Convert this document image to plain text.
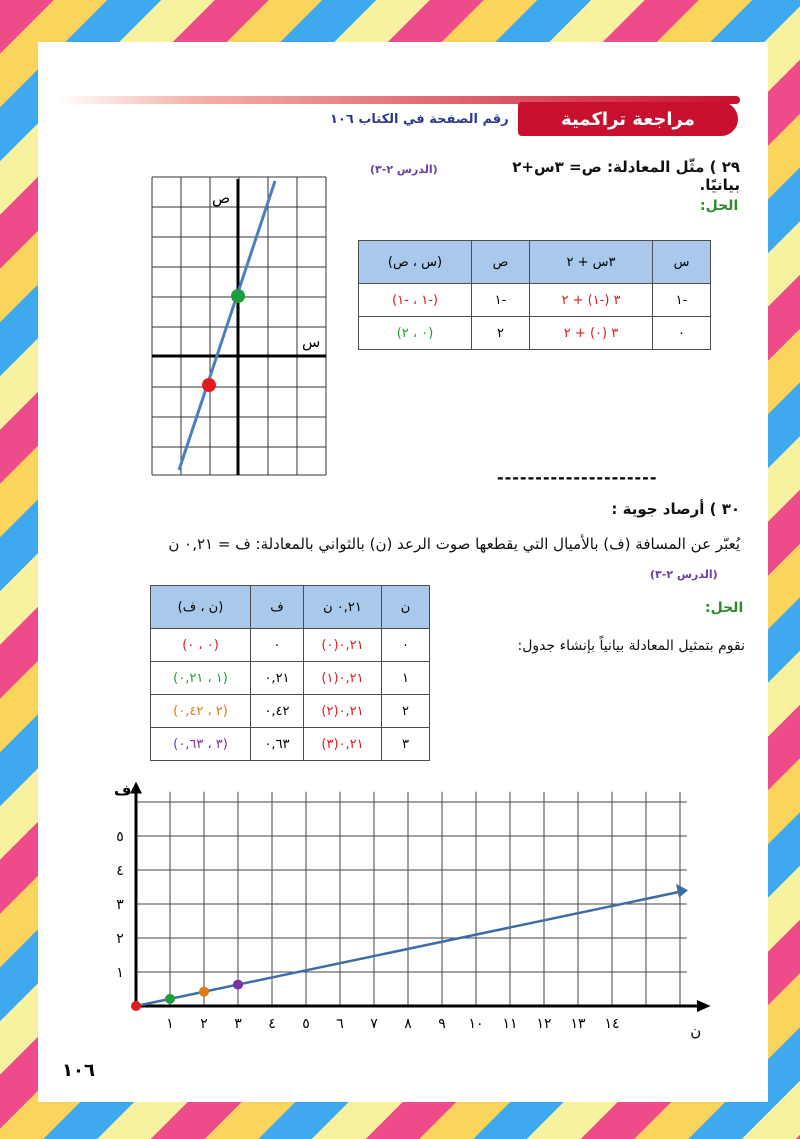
مراجعة تراكمية
رقم الصفحة في الكتاب ١٠٦
٢٩ ) مثّل المعادلة: ص= ٣س+٢ بيانيًا.
(الدرس ٢-٣)
الحل:
س	٣س + ٢	ص	(س ، ص)
-١	٣ (-١) + ٢	-١	(-١ ، -١)
٠	٣ (٠) + ٢	٢	(٠ ، ٢)
ص
س
---------------------
٣٠ ) أرصاد جوية :
يُعبّر عن المسافة (ف) بالأميال التي يقطعها صوت الرعد (ن) بالثواني بالمعادلة: ف = ٠,٢١ ن
(الدرس ٢-٣)
الحل:
نقوم بتمثيل المعادلة بيانياً بإنشاء جدول:
ن	٠,٢١ ن	ف	(ن ، ف)
٠	٠,٢١(٠)	٠	(٠ ، ٠)
١	٠,٢١(١)	٠,٢١	(١ ، ٠,٢١)
٢	٠,٢١(٢)	٠,٤٢	(٢ ، ٠,٤٢)
٣	٠,٢١(٣)	٠,٦٣	(٣ ، ٠,٦٣)
١ ٢ ٣ ٤ ٥ ٦ ٧ ٨ ٩ ١٠ ١١ ١٢ ١٣ ١٤
١
٢
٣
٤
٥
ن
ف
١٠٦
